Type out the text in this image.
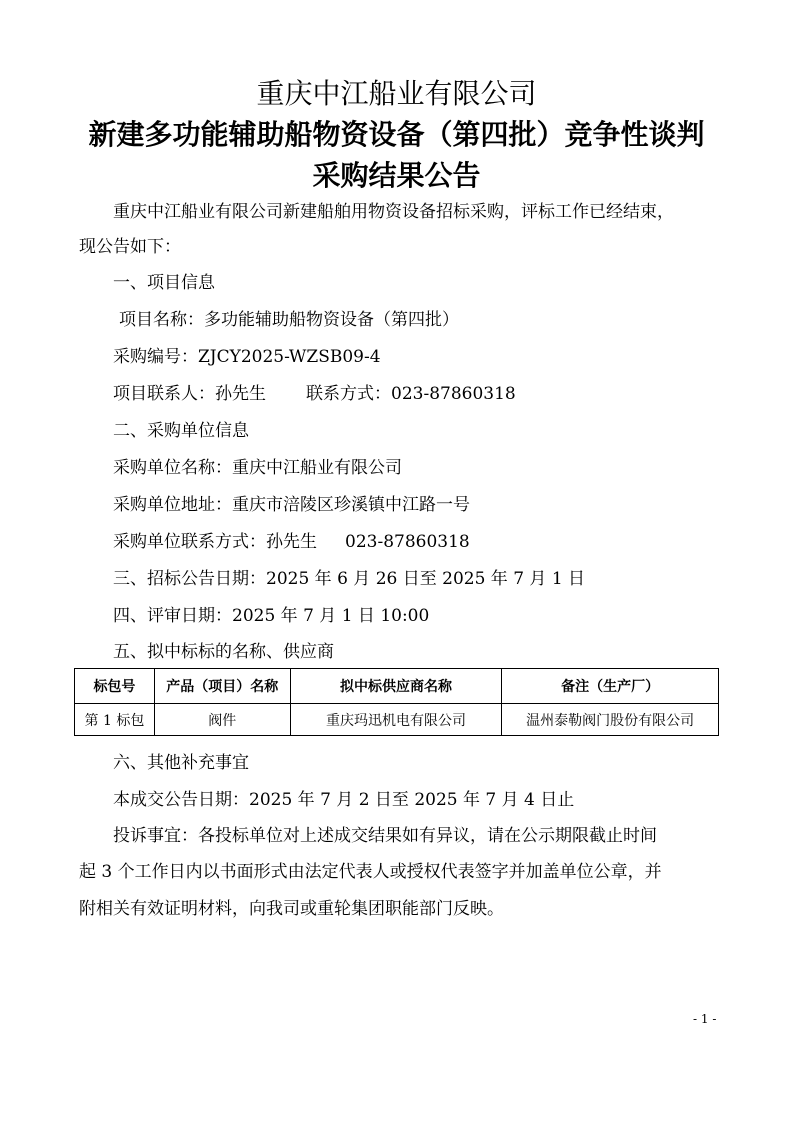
重庆中江船业有限公司
新建多功能辅助船物资设备（第四批）竞争性谈判
采购结果公告
重庆中江船业有限公司新建船舶用物资设备招标采购，评标工作已经结束，
现公告如下：
一、项目信息
项目名称：多功能辅助船物资设备（第四批）
采购编号：ZJCY2025-WZSB09-4
项目联系人：孙先生 联系方式：023-87860318
二、采购单位信息
采购单位名称：重庆中江船业有限公司
采购单位地址：重庆市涪陵区珍溪镇中江路一号
采购单位联系方式：孙先生 023-87860318
三、招标公告日期：2025 年 6 月 26 日至 2025 年 7 月 1 日
四、评审日期：2025 年 7 月 1 日 10:00
五、拟中标标的名称、供应商
标包号	产品（项目）名称	拟中标供应商名称	备注（生产厂）
第 1 标包	阀件	重庆玛迅机电有限公司	温州泰勒阀门股份有限公司
六、其他补充事宜
本成交公告日期：2025 年 7 月 2 日至 2025 年 7 月 4 日止
投诉事宜：各投标单位对上述成交结果如有异议，请在公示期限截止时间
起 3 个工作日内以书面形式由法定代表人或授权代表签字并加盖单位公章，并
附相关有效证明材料，向我司或重轮集团职能部门反映。
- 1 -
